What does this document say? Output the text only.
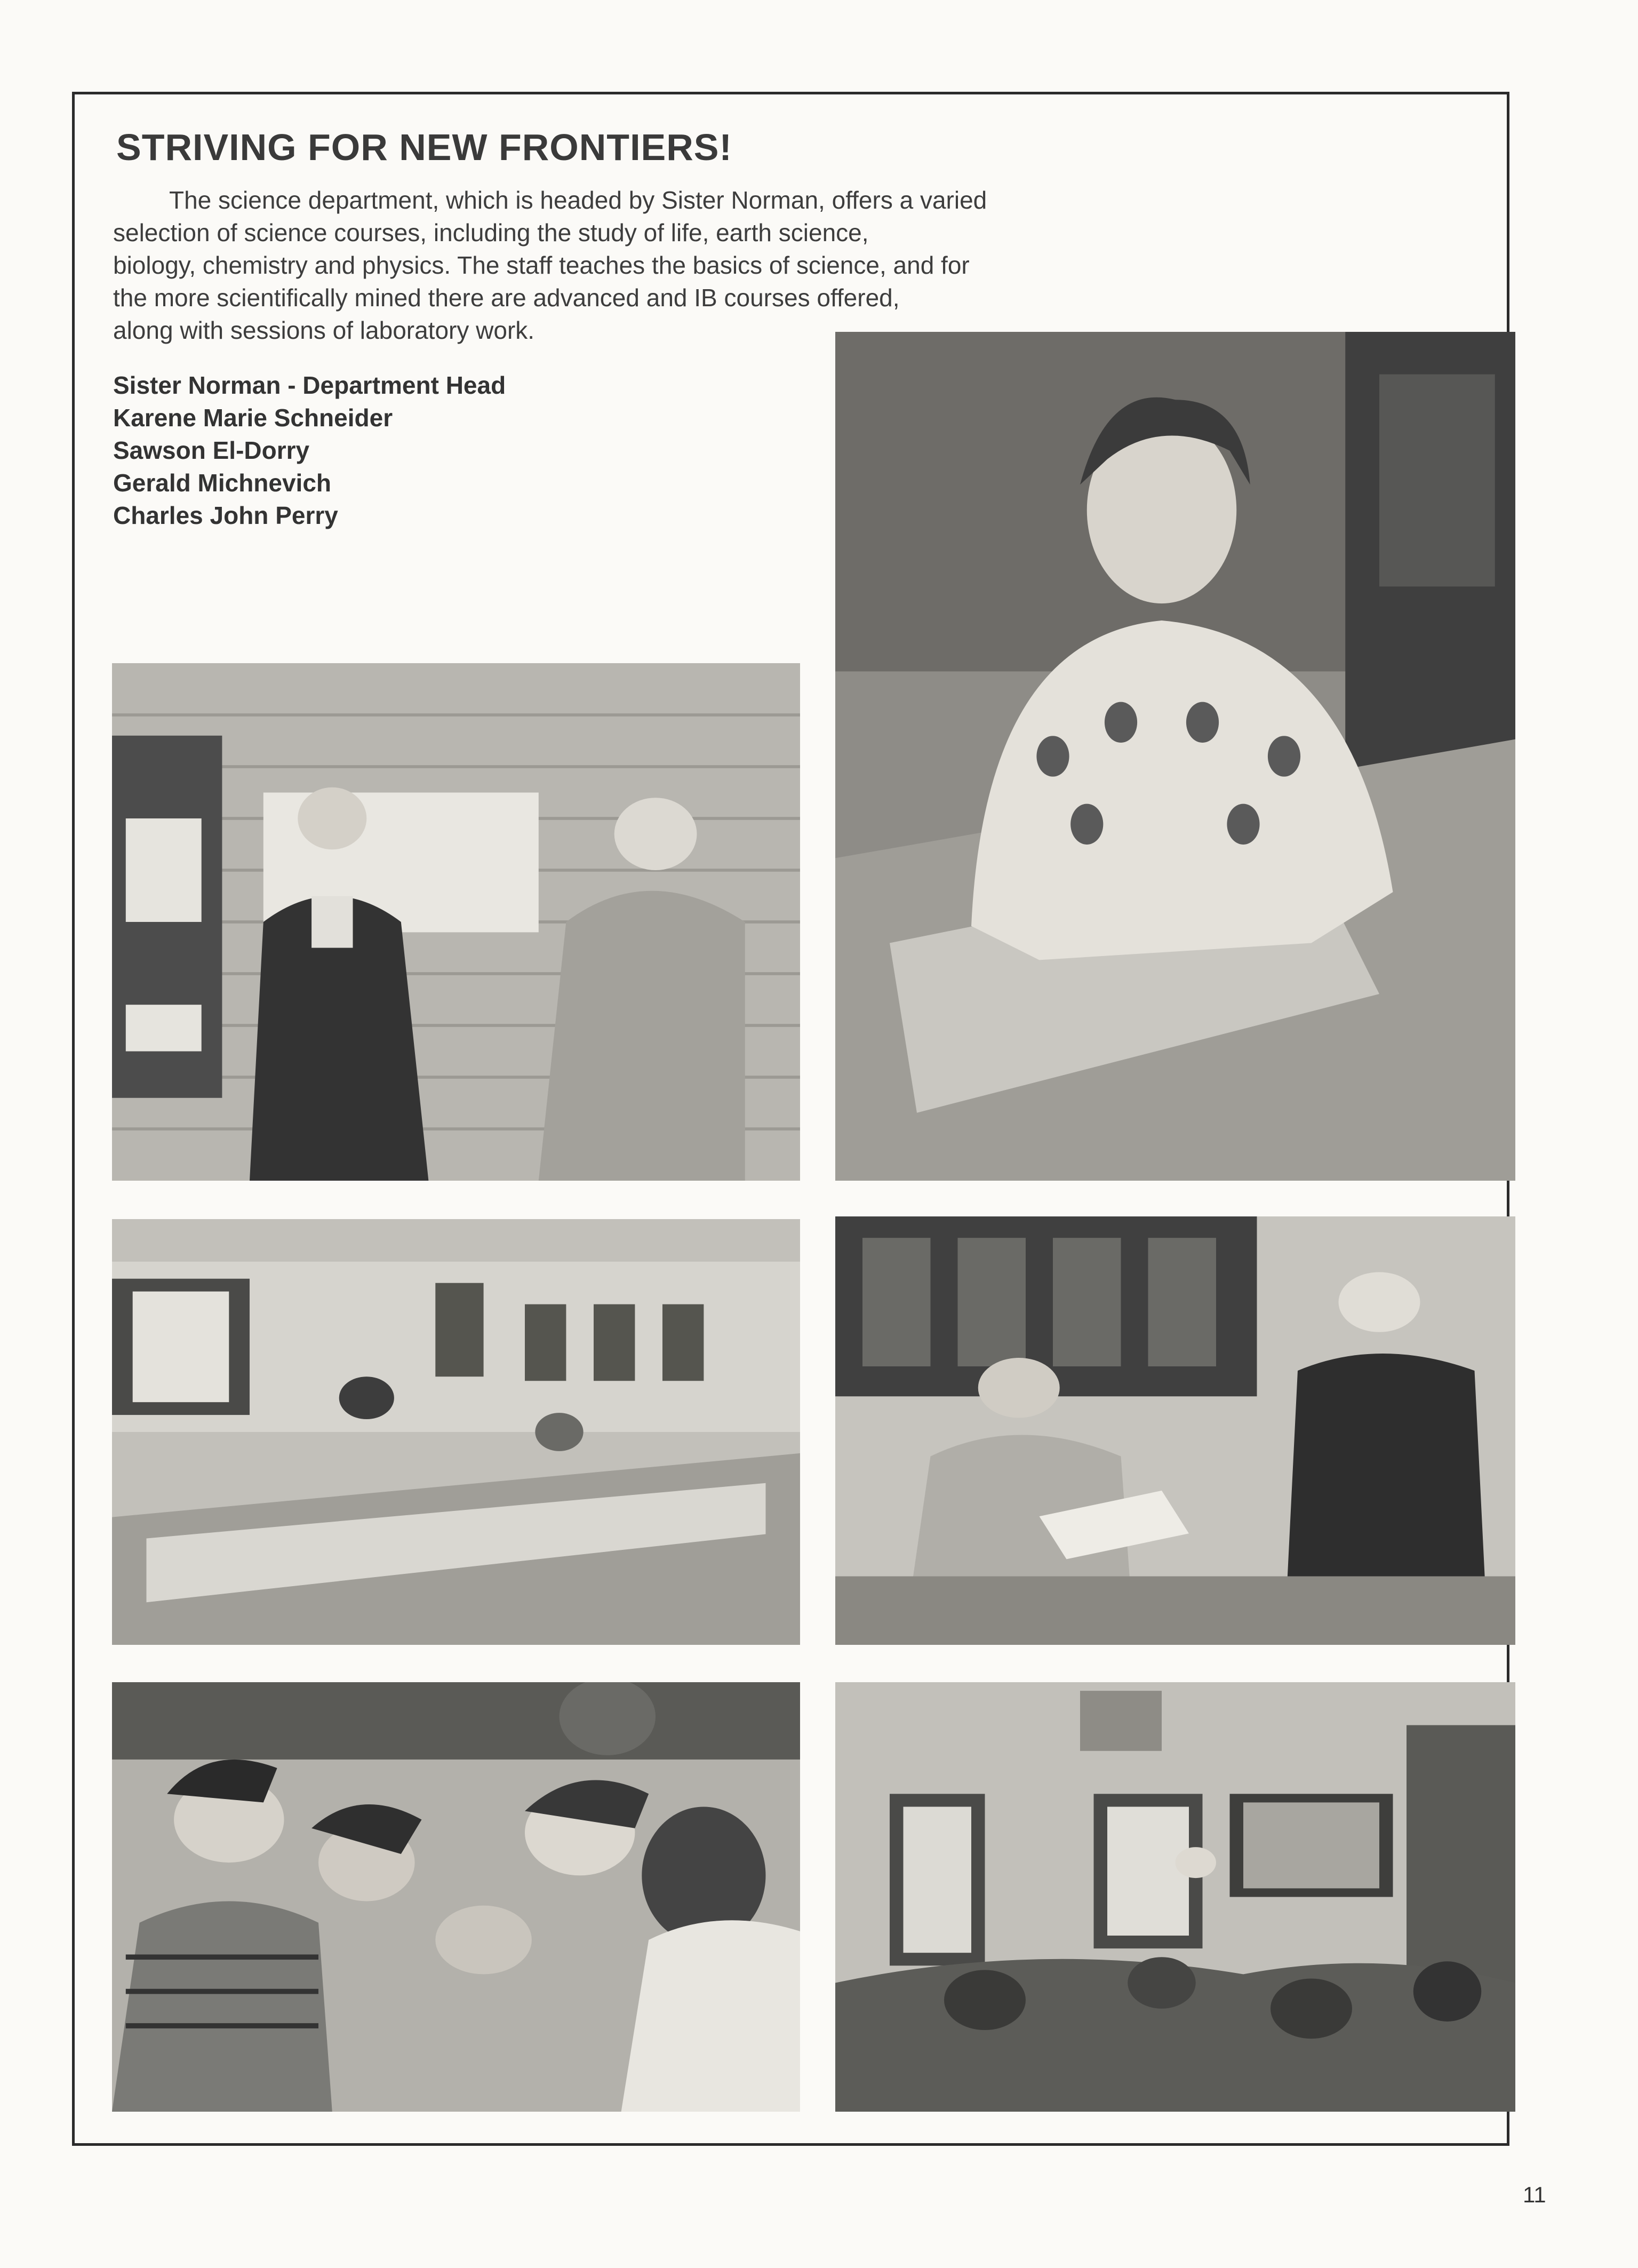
STRIVING FOR NEW FRONTIERS!

The science department, which is headed by Sister Norman, offers a varied
selection of science courses, including the study of life, earth science,
biology, chemistry and physics. The staff teaches the basics of science, and for
the more scientifically mined there are advanced and IB courses offered,
along with sessions of laboratory work.

Sister Norman - Department Head
Karene Marie Schneider
Sawson El-Dorry
Gerald Michnevich
Charles John Perry
11
